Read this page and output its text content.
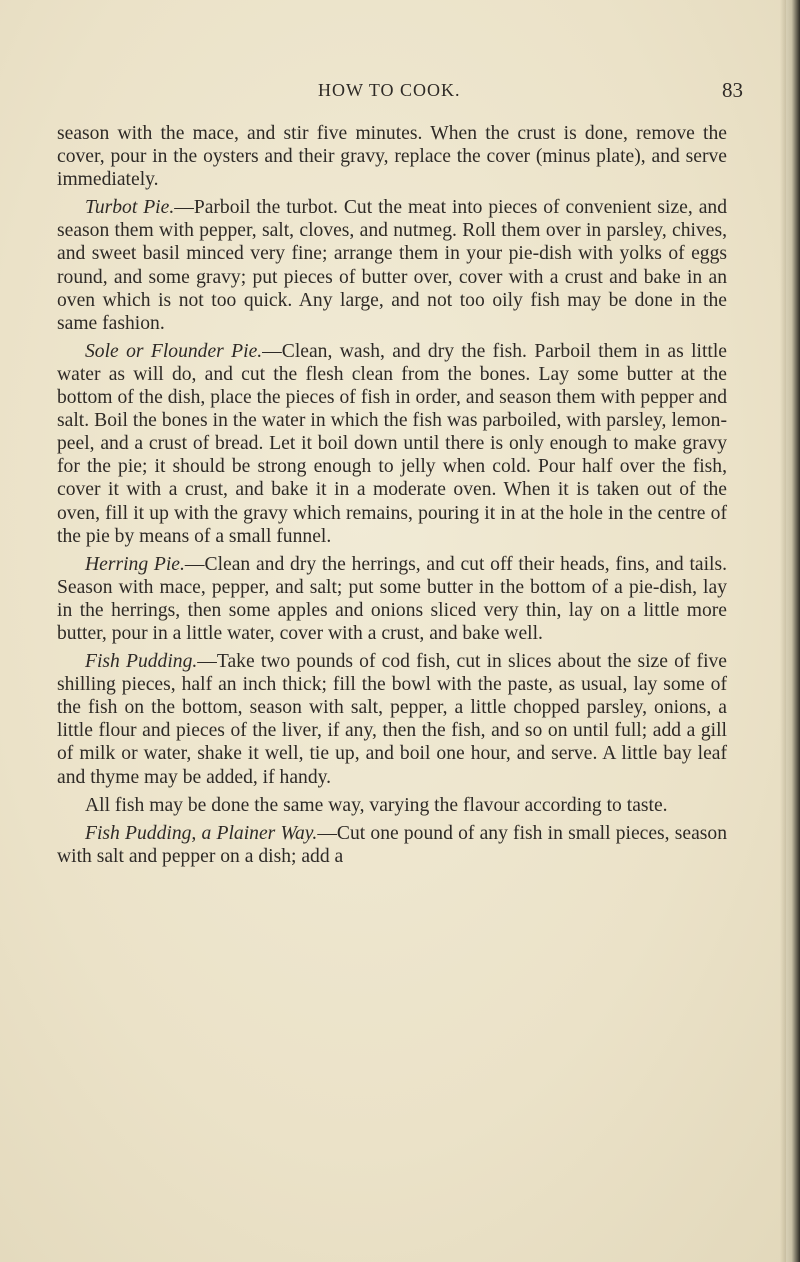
HOW TO COOK.	83

season with the mace, and stir five minutes. When the crust is done, remove the cover, pour in the oysters and their gravy, replace the cover (minus plate), and serve immediately.

Turbot Pie.—Parboil the turbot. Cut the meat into pieces of convenient size, and season them with pepper, salt, cloves, and nutmeg. Roll them over in parsley, chives, and sweet basil minced very fine; arrange them in your pie-dish with yolks of eggs round, and some gravy; put pieces of butter over, cover with a crust and bake in an oven which is not too quick. Any large, and not too oily fish may be done in the same fashion.

Sole or Flounder Pie.—Clean, wash, and dry the fish. Parboil them in as little water as will do, and cut the flesh clean from the bones. Lay some butter at the bottom of the dish, place the pieces of fish in order, and season them with pepper and salt. Boil the bones in the water in which the fish was parboiled, with parsley, lemon-peel, and a crust of bread. Let it boil down until there is only enough to make gravy for the pie; it should be strong enough to jelly when cold. Pour half over the fish, cover it with a crust, and bake it in a moderate oven. When it is taken out of the oven, fill it up with the gravy which remains, pouring it in at the hole in the centre of the pie by means of a small funnel.

Herring Pie.—Clean and dry the herrings, and cut off their heads, fins, and tails. Season with mace, pepper, and salt; put some butter in the bottom of a pie-dish, lay in the herrings, then some apples and onions sliced very thin, lay on a little more butter, pour in a little water, cover with a crust, and bake well.

Fish Pudding.—Take two pounds of cod fish, cut in slices about the size of five shilling pieces, half an inch thick; fill the bowl with the paste, as usual, lay some of the fish on the bottom, season with salt, pepper, a little chopped parsley, onions, a little flour and pieces of the liver, if any, then the fish, and so on until full; add a gill of milk or water, shake it well, tie up, and boil one hour, and serve. A little bay leaf and thyme may be added, if handy.

All fish may be done the same way, varying the flavour according to taste.

Fish Pudding, a Plainer Way.—Cut one pound of any fish in small pieces, season with salt and pepper on a dish; add a
